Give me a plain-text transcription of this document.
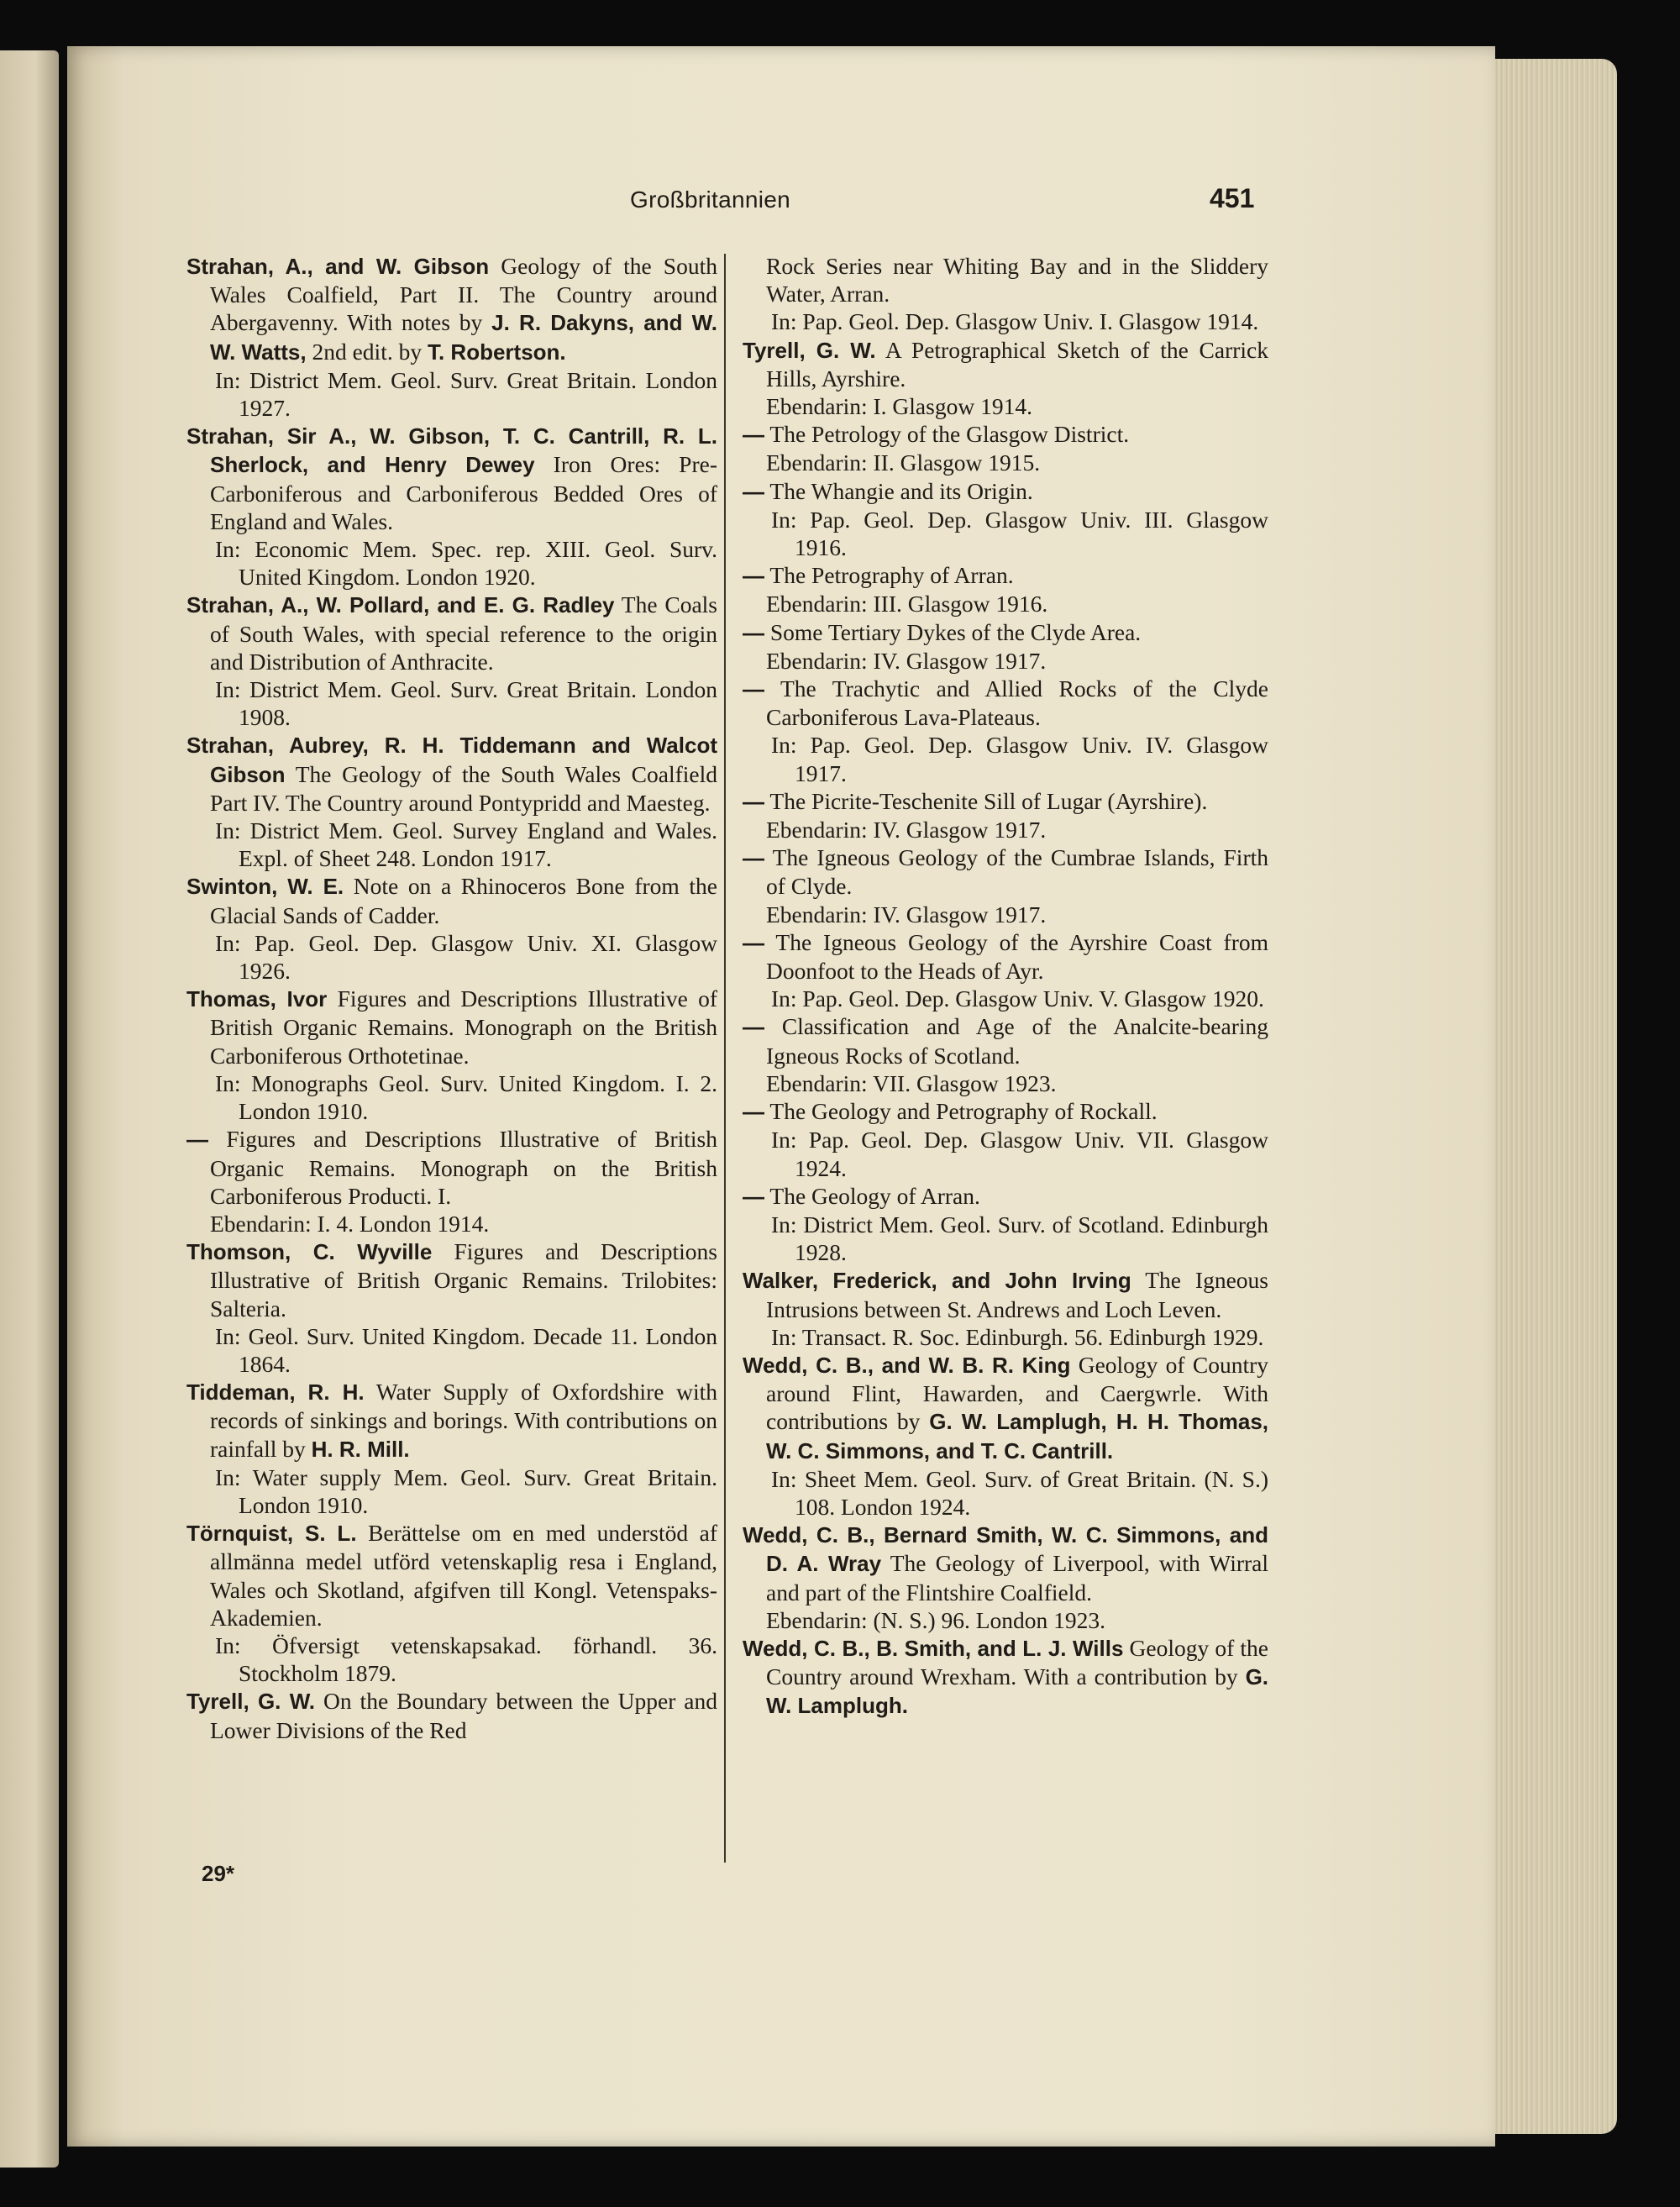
Großbritannien	451

Strahan, A., and W. Gibson Geology of the South Wales Coalfield, Part II. The Country around Abergavenny. With notes by J. R. Dakyns, and W. W. Watts, 2nd edit. by T. Robertson.

In: District Mem. Geol. Surv. Great Britain. London 1927.

Strahan, Sir A., W. Gibson, T. C. Cantrill, R. L. Sherlock, and Henry Dewey Iron Ores: Pre-Carboniferous and Carboniferous Bedded Ores of England and Wales.

In: Economic Mem. Spec. rep. XIII. Geol. Surv. United Kingdom. London 1920.

Strahan, A., W. Pollard, and E. G. Radley The Coals of South Wales, with special reference to the origin and Distribution of Anthracite.

In: District Mem. Geol. Surv. Great Britain. London 1908.

Strahan, Aubrey, R. H. Tiddemann and Walcot Gibson The Geology of the South Wales Coalfield Part IV. The Country around Pontypridd and Maesteg.

In: District Mem. Geol. Survey England and Wales. Expl. of Sheet 248. London 1917.

Swinton, W. E. Note on a Rhinoceros Bone from the Glacial Sands of Cadder.

In: Pap. Geol. Dep. Glasgow Univ. XI. Glasgow 1926.

Thomas, Ivor Figures and Descriptions Illustrative of British Organic Remains. Monograph on the British Carboniferous Orthotetinae.

In: Monographs Geol. Surv. United Kingdom. I. 2. London 1910.

— Figures and Descriptions Illustrative of British Organic Remains. Monograph on the British Carboniferous Producti. I.

Ebendarin: I. 4. London 1914.

Thomson, C. Wyville Figures and Descriptions Illustrative of British Organic Remains. Trilobites: Salteria.

In: Geol. Surv. United Kingdom. Decade 11. London 1864.

Tiddeman, R. H. Water Supply of Oxfordshire with records of sinkings and borings. With contributions on rainfall by H. R. Mill.

In: Water supply Mem. Geol. Surv. Great Britain. London 1910.

Törnquist, S. L. Berättelse om en med understöd af allmänna medel utförd vetenskaplig resa i England, Wales och Skotland, afgifven till Kongl. Vetenspaks-Akademien.

In: Öfversigt vetenskapsakad. förhandl. 36. Stockholm 1879.

Tyrell, G. W. On the Boundary between the Upper and Lower Divisions of the Red

Rock Series near Whiting Bay and in the Sliddery Water, Arran.

In: Pap. Geol. Dep. Glasgow Univ. I. Glasgow 1914.

Tyrell, G. W. A Petrographical Sketch of the Carrick Hills, Ayrshire.

Ebendarin: I. Glasgow 1914.

— The Petrology of the Glasgow District.

Ebendarin: II. Glasgow 1915.

— The Whangie and its Origin.

In: Pap. Geol. Dep. Glasgow Univ. III. Glasgow 1916.

— The Petrography of Arran.

Ebendarin: III. Glasgow 1916.

— Some Tertiary Dykes of the Clyde Area.

Ebendarin: IV. Glasgow 1917.

— The Trachytic and Allied Rocks of the Clyde Carboniferous Lava-Plateaus.

In: Pap. Geol. Dep. Glasgow Univ. IV. Glasgow 1917.

— The Picrite-Teschenite Sill of Lugar (Ayrshire).

Ebendarin: IV. Glasgow 1917.

— The Igneous Geology of the Cumbrae Islands, Firth of Clyde.

Ebendarin: IV. Glasgow 1917.

— The Igneous Geology of the Ayrshire Coast from Doonfoot to the Heads of Ayr.

In: Pap. Geol. Dep. Glasgow Univ. V. Glasgow 1920.

— Classification and Age of the Analcite-bearing Igneous Rocks of Scotland.

Ebendarin: VII. Glasgow 1923.

— The Geology and Petrography of Rockall.

In: Pap. Geol. Dep. Glasgow Univ. VII. Glasgow 1924.

— The Geology of Arran.

In: District Mem. Geol. Surv. of Scotland. Edinburgh 1928.

Walker, Frederick, and John Irving The Igneous Intrusions between St. Andrews and Loch Leven.

In: Transact. R. Soc. Edinburgh. 56. Edinburgh 1929.

Wedd, C. B., and W. B. R. King Geology of Country around Flint, Hawarden, and Caergwrle. With contributions by G. W. Lamplugh, H. H. Thomas, W. C. Simmons, and T. C. Cantrill.

In: Sheet Mem. Geol. Surv. of Great Britain. (N. S.) 108. London 1924.

Wedd, C. B., Bernard Smith, W. C. Simmons, and D. A. Wray The Geology of Liverpool, with Wirral and part of the Flintshire Coalfield.

Ebendarin: (N. S.) 96. London 1923.

Wedd, C. B., B. Smith, and L. J. Wills Geology of the Country around Wrexham. With a contribution by G. W. Lamplugh.

29*
